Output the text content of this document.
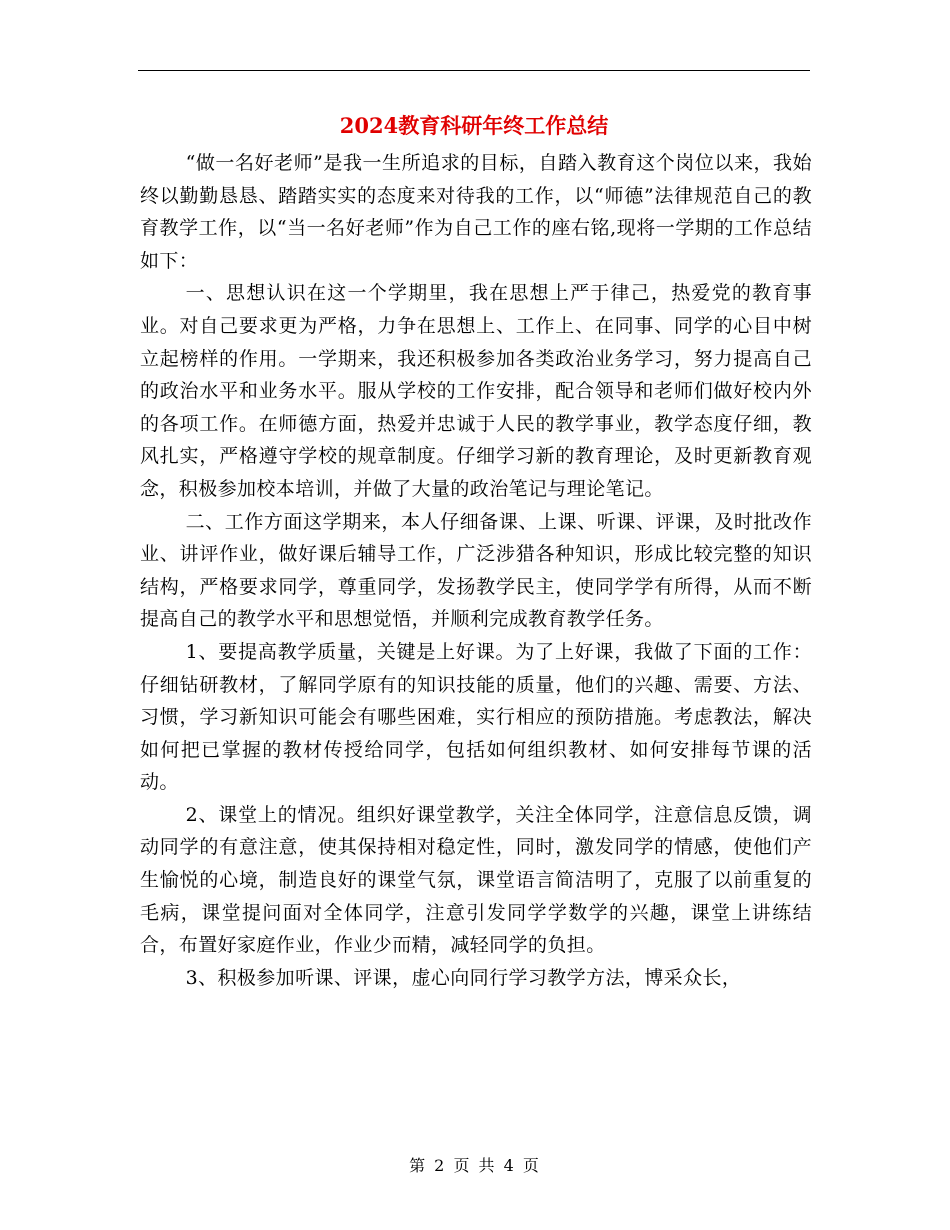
2024教育科研年终工作总结

“做一名好老师”是我一生所追求的目标，自踏入教育这个岗位以来，我始终以勤勤恳恳、踏踏实实的态度来对待我的工作，以“师德”法律规范自己的教育教学工作，以“当一名好老师”作为自己工作的座右铭,现将一学期的工作总结如下：

一、思想认识在这一个学期里，我在思想上严于律己，热爱党的教育事业。对自己要求更为严格，力争在思想上、工作上、在同事、同学的心目中树立起榜样的作用。一学期来，我还积极参加各类政治业务学习，努力提高自己的政治水平和业务水平。服从学校的工作安排，配合领导和老师们做好校内外的各项工作。在师德方面，热爱并忠诚于人民的教学事业，教学态度仔细，教风扎实，严格遵守学校的规章制度。仔细学习新的教育理论，及时更新教育观念，积极参加校本培训，并做了大量的政治笔记与理论笔记。

二、工作方面这学期来，本人仔细备课、上课、听课、评课，及时批改作业、讲评作业，做好课后辅导工作，广泛涉猎各种知识，形成比较完整的知识结构，严格要求同学，尊重同学，发扬教学民主，使同学学有所得，从而不断提高自己的教学水平和思想觉悟，并顺利完成教育教学任务。

1、要提高教学质量，关键是上好课。为了上好课，我做了下面的工作：仔细钻研教材，了解同学原有的知识技能的质量，他们的兴趣、需要、方法、习惯，学习新知识可能会有哪些困难，实行相应的预防措施。考虑教法，解决如何把已掌握的教材传授给同学，包括如何组织教材、如何安排每节课的活动。

2、课堂上的情况。组织好课堂教学，关注全体同学，注意信息反馈，调动同学的有意注意，使其保持相对稳定性，同时，激发同学的情感，使他们产生愉悦的心境，制造良好的课堂气氛，课堂语言简洁明了，克服了以前重复的毛病，课堂提问面对全体同学，注意引发同学学数学的兴趣，课堂上讲练结合，布置好家庭作业，作业少而精，减轻同学的负担。

3、积极参加听课、评课，虚心向同行学习教学方法，博采众长，

第 2 页 共 4 页
